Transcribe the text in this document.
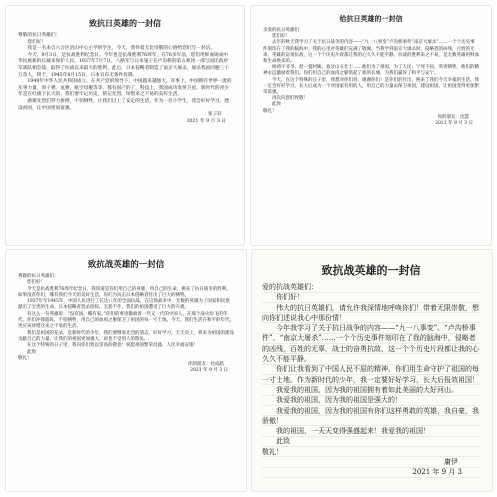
致抗日英雄的一封信

尊敬的抗日英雄们：

您们好！

我是一名来自六合区冶山中心小学的学生，今天，我怀着无比崇敬的心情给您们写一封信。

今天，9月3日，是抗战胜利纪念日。今年也是抗战胜利76周年，在76多年前，您们用鲜血铸成中华民族新的长城来保护人民。1937年7月7日，八路军与日本鬼子在卢沟桥的第五师团一部与国民政府军部队相会战，取得了抗战以来最大的胜利。此后，日本侵略者制造了南京大屠杀，屠杀我国同胞三十万余人，终于，1945年8月15日，日本宣布无条件投降。

1949年中华人民共和国成立，在共产党的领导下，中国越来越强大，军事上，中国拥有世界一流的军事力量，原子弹、氢弹、航空母舰等等，都有国产的了，科技上，我国成功发射卫星，新时代的青少年是在红旗下长大的，我们要牢记历史，铭记先烈，珍惜来之不易的美好生活。

感谢先烈们努力拼搏，不怕牺牲，让我们过上了安定的生活，作为一名小学生，我会好好学习，建设祖国，让中国更加富强。

张子轩

2021 年 9 月 3 日

给抗日英雄的一封信

亲爱的抗日英雄们：

您们好！

去年的秋天我学习了关于抗日战争的内容——“九一八事变”卢沟桥事件“南京大屠杀”……一个个历史事件刻印在了我的脑海中。我的心里对英雄们充满了敬佩。当我学到南京大屠杀时，侵略者的凶残，百姓的无辜，英雄的奋勇抗敌，这一个个历史片段都让我的心久久不能平静。抗战的胜利来之不易，是无数英雄用鲜血和生命换来的。

杨靖宇爷爷、赵一曼阿姨、狼牙山五壮士……他们为了祖国，为了人民，宁死不屈，英勇牺牲。他们的精神永远激励着我们。你们用自己的血肉之躯筑起了新的长城，为我们赢得了和平与安宁。

今天，在这个特殊的日子里，我想对你们说：谢谢你们！是你们的付出，换来了我们今天幸福的生活。我一定会好好学习，长大后成为一个对国家有用的人，用自己的力量去保卫祖国，建设祖国，让祖国变得更加繁荣富强。

再次向您们致敬！

此致

敬礼！

你的朋友：沈慧

2021 年 9 月 3 日

致抗战英雄的一封信

尊敬的抗日英雄们：

您们好！

今天是抗战胜利76周年纪念日，我知道是你们用自己的身躯，用自己的生命，换来了抗日战争的胜利。如果没有你们，哪有我们今天的美好生活，你们为抗击日本侵略者付出了巨大的牺牲。

1937年至1945年，中国人民进行了长达八年的全面抗战，在这场战争中，无数的英雄为了国家和民族献出了宝贵的生命。日本侵略者烧杀抢掠，无恶不作，我们的祖国遭受了巨大的灾难。

有这么一句英雄说：“没有国，哪有家。”你们的事迹激励着一代又一代的中国人。在那个战火纷飞的年代，你们冲锋陷阵，不怕牺牲，用自己的血肉之躯保卫了祖国的每一寸土地。今天，我们生活在和平的年代，更应该珍惜这来之不易的生活。

我们是祖国的花朵，是新时代的少年，我们要继承先烈的遗志，好好学习，天天向上，将来为祖国的建设贡献自己的力量。让我们的祖国更加强大，再也不受别人的欺负。

在这个特殊的日子里，我向你们致以崇高的敬意！祝愿祖国繁荣昌盛，人民幸福安康！

此致

敬礼！

你的朋友：杜成皓

2021 年 9 月 3 日

致抗战英雄的一封信

爱的抗战英雄们：

你们好！

伟大的抗日英雄们，请允许我深情地呼唤你们！带着无限崇敬，想向你们述说我心中那份情！

今年我学习了关于抗日战争的内容——“九一八事变”、“卢沟桥事件”、“南京大屠杀”……一个个历史事件刻印在了我的脑海中，侵略者的凶残，百姓的无辜，战士的奋勇抗敌，这一个个历史片段都让我的心久久不能平静。

你们让我看到了中国人民不屈的精神，你们用生命守护了祖国的每一寸土地。作为新时代的少年，我一定要好好学习，长大后报效祖国！

我爱我的祖国，因为我的祖国拥有着如此美丽的大好河山。

我爱我的祖国，因为我的祖国是强大的！

我爱我的祖国，因为我的祖国有你们这样勇敢的英雄，我自豪，我骄傲！

我的祖国，一天天变得强盛起来！我爱我的祖国！

此致

敬礼！

庸伊

2021 年 9 月 3
